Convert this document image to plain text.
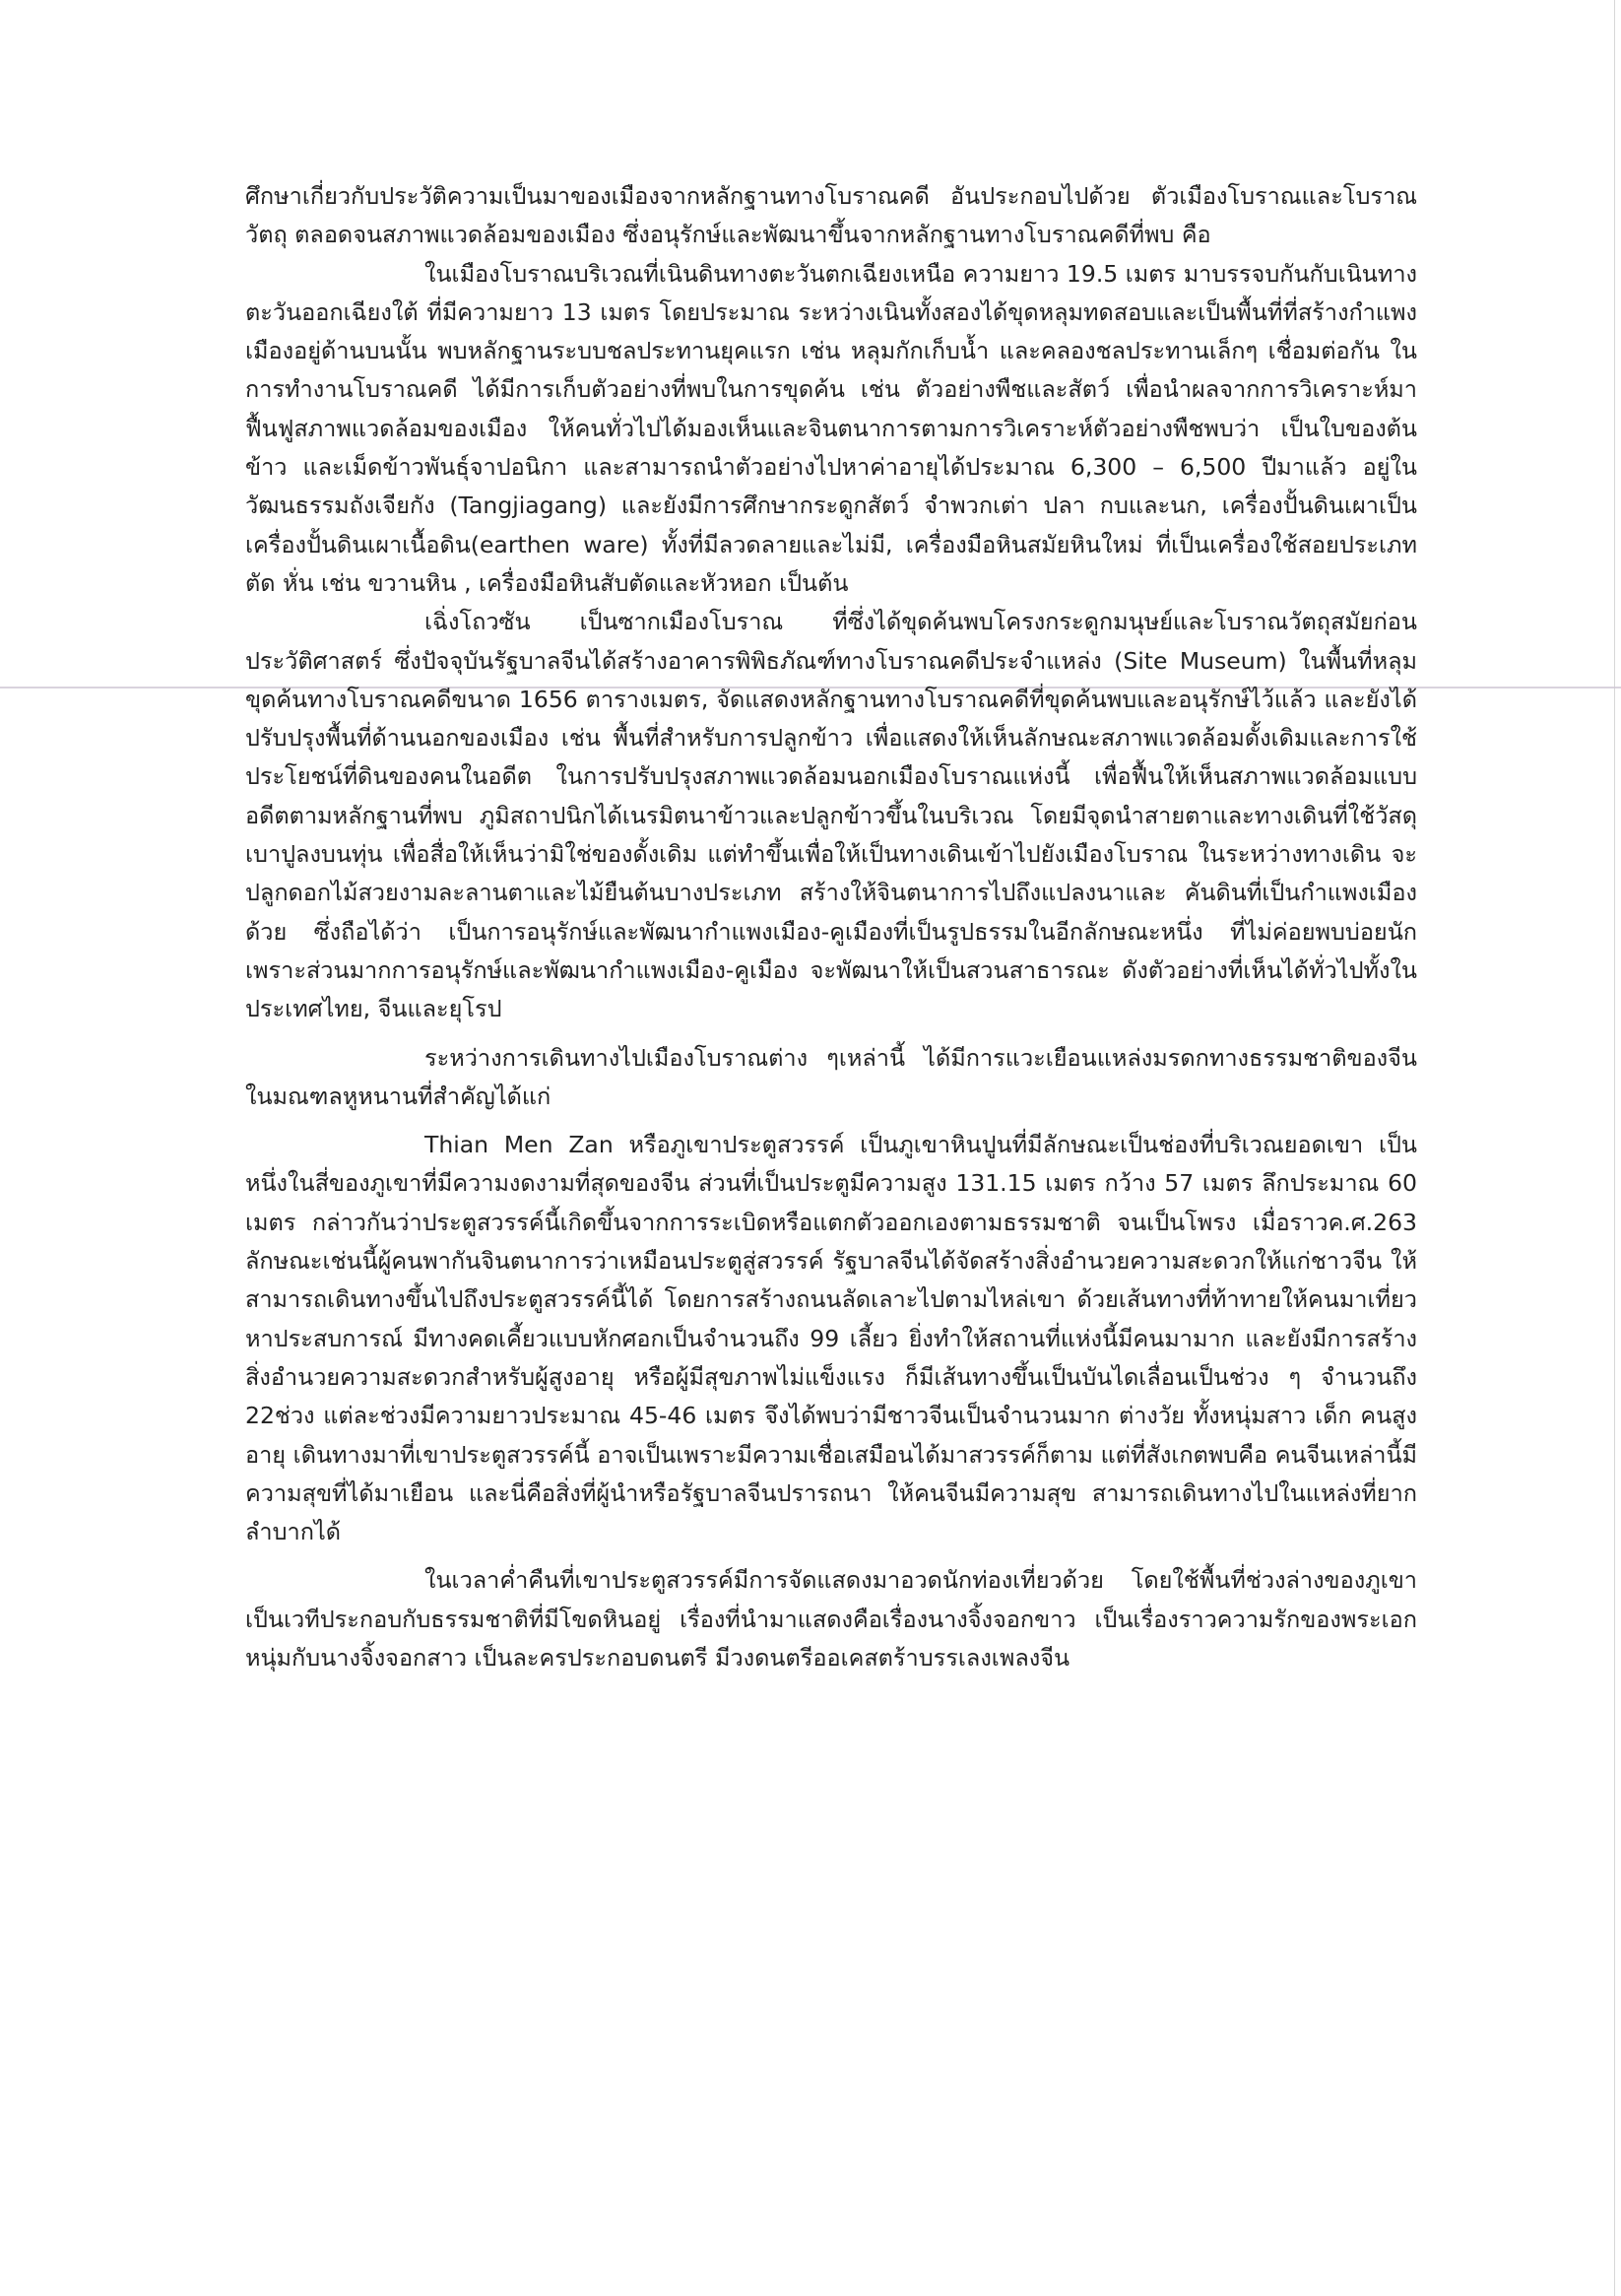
ศึกษาเกี่ยวกับประวัติความเป็นมาของเมืองจากหลักฐานทางโบราณคดี อันประกอบไปด้วย ตัวเมืองโบราณและโบราณวัตถุ ตลอดจนสภาพแวดล้อมของเมือง ซึ่งอนุรักษ์และพัฒนาขึ้นจากหลักฐานทางโบราณคดีที่พบ คือ

ในเมืองโบราณบริเวณที่เนินดินทางตะวันตกเฉียงเหนือ ความยาว 19.5 เมตร มาบรรจบกันกับเนินทางตะวันออกเฉียงใต้ ที่มีความยาว 13 เมตร โดยประมาณ ระหว่างเนินทั้งสองได้ขุดหลุมทดสอบและเป็นพื้นที่ที่สร้างกำแพงเมืองอยู่ด้านบนนั้น พบหลักฐานระบบชลประทานยุคแรก เช่น หลุมกักเก็บน้ำ และคลองชลประทานเล็กๆ เชื่อมต่อกัน ในการทำงานโบราณคดี ได้มีการเก็บตัวอย่างที่พบในการขุดค้น เช่น ตัวอย่างพืชและสัตว์ เพื่อนำผลจากการวิเคราะห์มาฟื้นฟูสภาพแวดล้อมของเมือง ให้คนทั่วไปได้มองเห็นและจินตนาการตามการวิเคราะห์ตัวอย่างพืชพบว่า เป็นใบของต้นข้าว และเม็ดข้าวพันธุ์จาปอนิกา และสามารถนำตัวอย่างไปหาค่าอายุได้ประมาณ 6,300 – 6,500 ปีมาแล้ว อยู่ในวัฒนธรรมถังเจียกัง (Tangjiagang) และยังมีการศึกษากระดูกสัตว์ จำพวกเต่า ปลา กบและนก, เครื่องปั้นดินเผาเป็นเครื่องปั้นดินเผาเนื้อดิน(earthen ware) ทั้งที่มีลวดลายและไม่มี, เครื่องมือหินสมัยหินใหม่ ที่เป็นเครื่องใช้สอยประเภทตัด หั่น เช่น ขวานหิน , เครื่องมือหินสับตัดและหัวหอก เป็นต้น

เฉิ่งโถวซัน เป็นซากเมืองโบราณ ที่ซึ่งได้ขุดค้นพบโครงกระดูกมนุษย์และโบราณวัตถุสมัยก่อนประวัติศาสตร์ ซึ่งปัจจุบันรัฐบาลจีนได้สร้างอาคารพิพิธภัณฑ์ทางโบราณคดีประจำแหล่ง (Site Museum) ในพื้นที่หลุมขุดค้นทางโบราณคดีขนาด 1656 ตารางเมตร, จัดแสดงหลักฐานทางโบราณคดีที่ขุดค้นพบและอนุรักษ์ไว้แล้ว และยังได้ปรับปรุงพื้นที่ด้านนอกของเมือง เช่น พื้นที่สำหรับการปลูกข้าว เพื่อแสดงให้เห็นลักษณะสภาพแวดล้อมดั้งเดิมและการใช้ประโยชน์ที่ดินของคนในอดีต ในการปรับปรุงสภาพแวดล้อมนอกเมืองโบราณแห่งนี้ เพื่อฟื้นให้เห็นสภาพแวดล้อมแบบอดีตตามหลักฐานที่พบ ภูมิสถาปนิกได้เนรมิตนาข้าวและปลูกข้าวขึ้นในบริเวณ โดยมีจุดนำสายตาและทางเดินที่ใช้วัสดุเบาปูลงบนทุ่น เพื่อสื่อให้เห็นว่ามิใช่ของดั้งเดิม แต่ทำขึ้นเพื่อให้เป็นทางเดินเข้าไปยังเมืองโบราณ ในระหว่างทางเดิน จะปลูกดอกไม้สวยงามละลานตาและไม้ยืนต้นบางประเภท สร้างให้จินตนาการไปถึงแปลงนาและ คันดินที่เป็นกำแพงเมืองด้วย ซึ่งถือได้ว่า เป็นการอนุรักษ์และพัฒนากำแพงเมือง-คูเมืองที่เป็นรูปธรรมในอีกลักษณะหนึ่ง ที่ไม่ค่อยพบบ่อยนัก เพราะส่วนมากการอนุรักษ์และพัฒนากำแพงเมือง-คูเมือง จะพัฒนาให้เป็นสวนสาธารณะ ดังตัวอย่างที่เห็นได้ทั่วไปทั้งในประเทศไทย, จีนและยุโรป

ระหว่างการเดินทางไปเมืองโบราณต่าง ๆเหล่านี้ ได้มีการแวะเยือนแหล่งมรดกทางธรรมชาติของจีนในมณฑลหูหนานที่สำคัญได้แก่

Thian Men Zan หรือภูเขาประตูสวรรค์ เป็นภูเขาหินปูนที่มีลักษณะเป็นช่องที่บริเวณยอดเขา เป็นหนึ่งในสี่ของภูเขาที่มีความงดงามที่สุดของจีน ส่วนที่เป็นประตูมีความสูง 131.15 เมตร กว้าง 57 เมตร ลึกประมาณ 60 เมตร กล่าวกันว่าประตูสวรรค์นี้เกิดขึ้นจากการระเบิดหรือแตกตัวออกเองตามธรรมชาติ จนเป็นโพรง เมื่อราวค.ศ.263 ลักษณะเช่นนี้ผู้คนพากันจินตนาการว่าเหมือนประตูสู่สวรรค์ รัฐบาลจีนได้จัดสร้างสิ่งอำนวยความสะดวกให้แก่ชาวจีน ให้สามารถเดินทางขึ้นไปถึงประตูสวรรค์นี้ได้ โดยการสร้างถนนลัดเลาะไปตามไหล่เขา ด้วยเส้นทางที่ท้าทายให้คนมาเที่ยวหาประสบการณ์ มีทางคดเคี้ยวแบบหักศอกเป็นจำนวนถึง 99 เลี้ยว ยิ่งทำให้สถานที่แห่งนี้มีคนมามาก และยังมีการสร้างสิ่งอำนวยความสะดวกสำหรับผู้สูงอายุ หรือผู้มีสุขภาพไม่แข็งแรง ก็มีเส้นทางขึ้นเป็นบันไดเลื่อนเป็นช่วง ๆ จำนวนถึง 22ช่วง แต่ละช่วงมีความยาวประมาณ 45-46 เมตร จึงได้พบว่ามีชาวจีนเป็นจำนวนมาก ต่างวัย ทั้งหนุ่มสาว เด็ก คนสูงอายุ เดินทางมาที่เขาประตูสวรรค์นี้ อาจเป็นเพราะมีความเชื่อเสมือนได้มาสวรรค์ก็ตาม แต่ที่สังเกตพบคือ คนจีนเหล่านี้มีความสุขที่ได้มาเยือน และนี่คือสิ่งที่ผู้นำหรือรัฐบาลจีนปรารถนา ให้คนจีนมีความสุข สามารถเดินทางไปในแหล่งที่ยากลำบากได้

ในเวลาค่ำคืนที่เขาประตูสวรรค์มีการจัดแสดงมาอวดนักท่องเที่ยวด้วย โดยใช้พื้นที่ช่วงล่างของภูเขาเป็นเวทีประกอบกับธรรมชาติที่มีโขดหินอยู่ เรื่องที่นำมาแสดงคือเรื่องนางจิ้งจอกขาว เป็นเรื่องราวความรักของพระเอกหนุ่มกับนางจิ้งจอกสาว เป็นละครประกอบดนตรี มีวงดนตรีออเคสตร้าบรรเลงเพลงจีน
